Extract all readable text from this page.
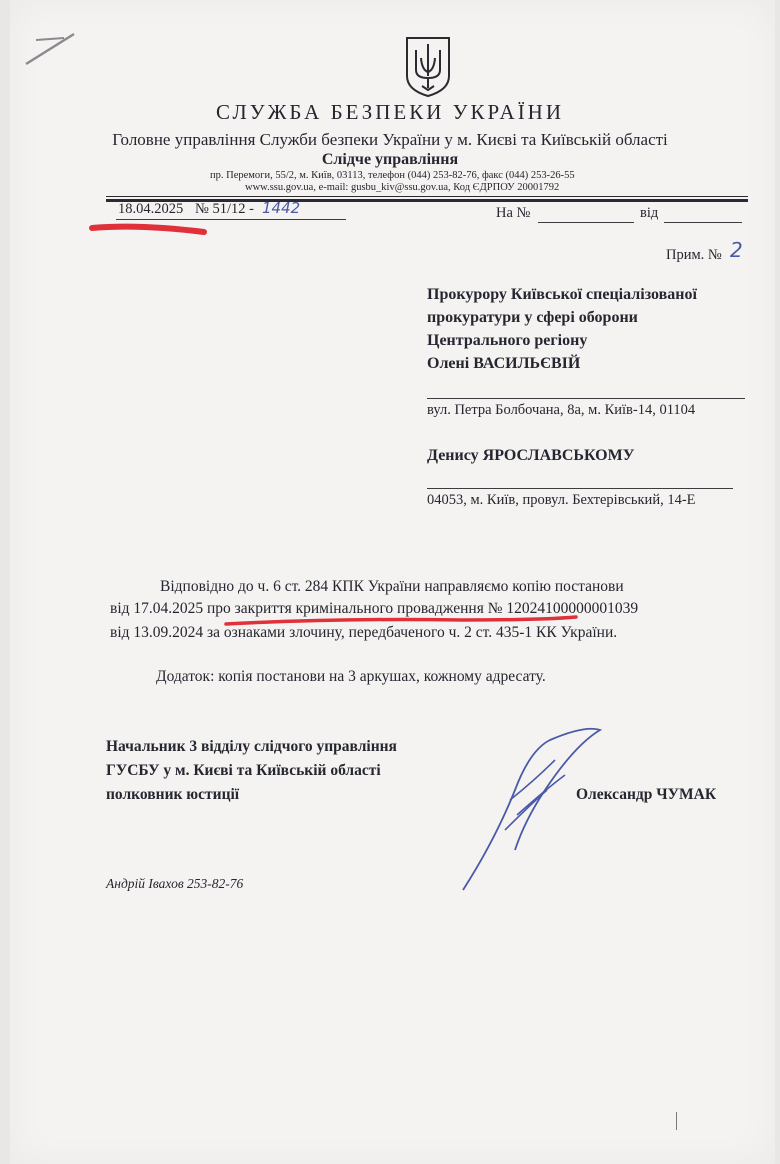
СЛУЖБА БЕЗПЕКИ УКРАЇНИ
Головне управління Служби безпеки України у м. Києві та Київській області
Слідче управління
пр. Перемоги, 55/2, м. Київ, 03113, телефон (044) 253-82-76, факс (044) 253-26-55
www.ssu.gov.ua, e-mail: gusbu_kiv@ssu.gov.ua, Код ЄДРПОУ 20001792
18.04.2025 № 51/12 - 1442	На №	від
Прим. № 2
Прокурору Київської спеціалізованої
прокуратури у сфері оборони
Центрального регіону
Олені ВАСИЛЬЄВІЙ
вул. Петра Болбочана, 8а, м. Київ-14, 01104
Денису ЯРОСЛАВСЬКОМУ
04053, м. Київ, провул. Бехтерівський, 14-Е
Відповідно до ч. 6 ст. 284 КПК України направляємо копію постанови
від 17.04.2025 про закриття кримінального провадження № 12024100000001039
від 13.09.2024 за ознаками злочину, передбаченого ч. 2 ст. 435-1 КК України.
Додаток: копія постанови на 3 аркушах, кожному адресату.
Начальник 3 відділу слідчого управління
ГУСБУ у м. Києві та Київській області
полковник юстиції	Олександр ЧУМАК
Андрій Івахов 253-82-76
